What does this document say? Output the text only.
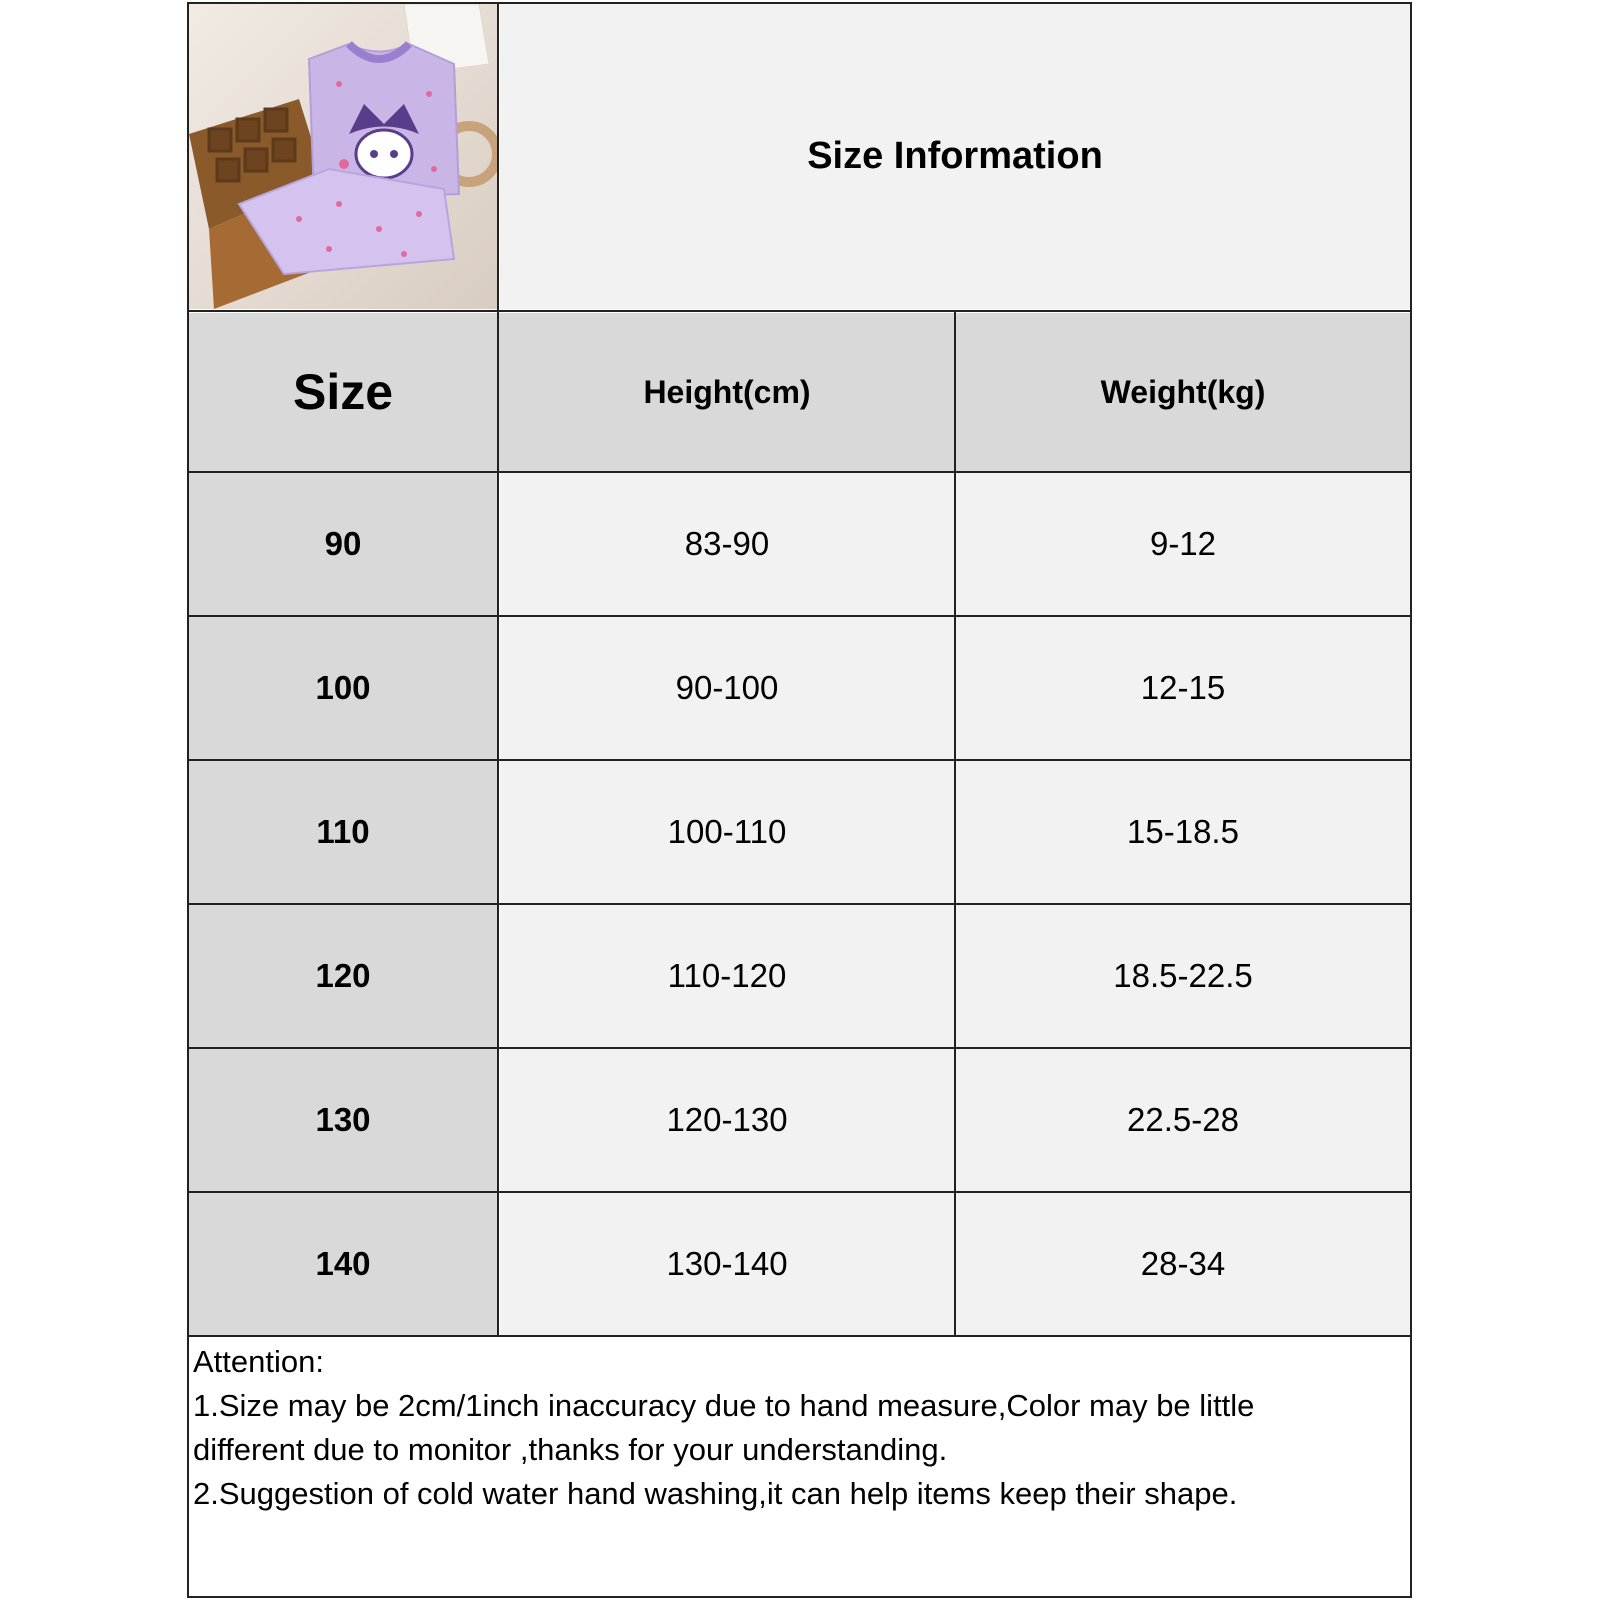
Size Information
Size	Height(cm)	Weight(kg)
90	83-90	9-12
100	90-100	12-15
110	100-110	15-18.5
120	110-120	18.5-22.5
130	120-130	22.5-28
140	130-140	28-34
Attention:
1.Size may be 2cm/1inch inaccuracy due to hand measure,Color may be little
different due to monitor ,thanks for your understanding.
2.Suggestion of cold water hand washing,it can help items keep their shape.
